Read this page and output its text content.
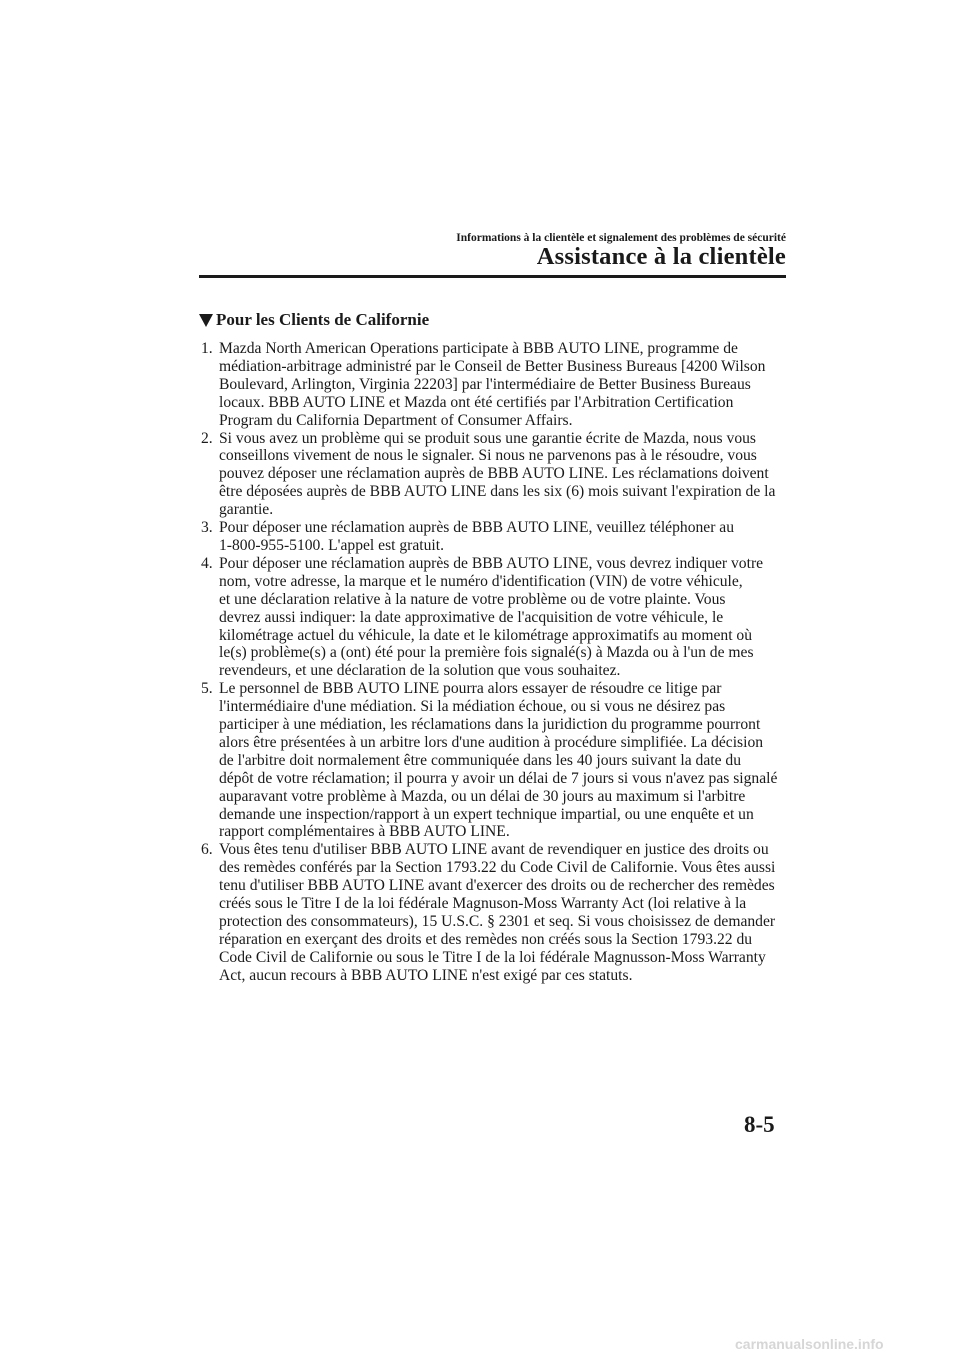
Informations à la clientèle et signalement des problèmes de sécurité
Assistance à la clientèle
Pour les Clients de Californie
1. Mazda North American Operations participate à BBB AUTO LINE, programme de
médiation-arbitrage administré par le Conseil de Better Business Bureaus [4200 Wilson
Boulevard, Arlington, Virginia 22203] par l'intermédiaire de Better Business Bureaus
locaux. BBB AUTO LINE et Mazda ont été certifiés par l'Arbitration Certification
Program du California Department of Consumer Affairs.
2. Si vous avez un problème qui se produit sous une garantie écrite de Mazda, nous vous
conseillons vivement de nous le signaler. Si nous ne parvenons pas à le résoudre, vous
pouvez déposer une réclamation auprès de BBB AUTO LINE. Les réclamations doivent
être déposées auprès de BBB AUTO LINE dans les six (6) mois suivant l'expiration de la
garantie.
3. Pour déposer une réclamation auprès de BBB AUTO LINE, veuillez téléphoner au
1-800-955-5100. L'appel est gratuit.
4. Pour déposer une réclamation auprès de BBB AUTO LINE, vous devrez indiquer votre
nom, votre adresse, la marque et le numéro d'identification (VIN) de votre véhicule,
et une déclaration relative à la nature de votre problème ou de votre plainte. Vous
devrez aussi indiquer: la date approximative de l'acquisition de votre véhicule, le
kilométrage actuel du véhicule, la date et le kilométrage approximatifs au moment où
le(s) problème(s) a (ont) été pour la première fois signalé(s) à Mazda ou à l'un de mes
revendeurs, et une déclaration de la solution que vous souhaitez.
5. Le personnel de BBB AUTO LINE pourra alors essayer de résoudre ce litige par
l'intermédiaire d'une médiation. Si la médiation échoue, ou si vous ne désirez pas
participer à une médiation, les réclamations dans la juridiction du programme pourront
alors être présentées à un arbitre lors d'une audition à procédure simplifiée. La décision
de l'arbitre doit normalement être communiquée dans les 40 jours suivant la date du
dépôt de votre réclamation; il pourra y avoir un délai de 7 jours si vous n'avez pas signalé
auparavant votre problème à Mazda, ou un délai de 30 jours au maximum si l'arbitre
demande une inspection/rapport à un expert technique impartial, ou une enquête et un
rapport complémentaires à BBB AUTO LINE.
6. Vous êtes tenu d'utiliser BBB AUTO LINE avant de revendiquer en justice des droits ou
des remèdes conférés par la Section 1793.22 du Code Civil de Californie. Vous êtes aussi
tenu d'utiliser BBB AUTO LINE avant d'exercer des droits ou de rechercher des remèdes
créés sous le Titre I de la loi fédérale Magnuson-Moss Warranty Act (loi relative à la
protection des consommateurs), 15 U.S.C. § 2301 et seq. Si vous choisissez de demander
réparation en exerçant des droits et des remèdes non créés sous la Section 1793.22 du
Code Civil de Californie ou sous le Titre I de la loi fédérale Magnusson-Moss Warranty
Act, aucun recours à BBB AUTO LINE n'est exigé par ces statuts.
8-5
carmanualsonline.info
